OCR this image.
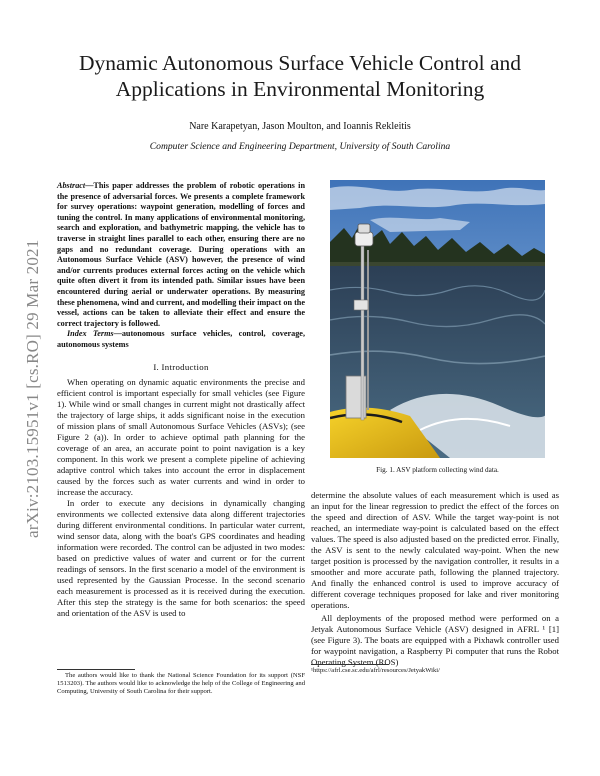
Dynamic Autonomous Surface Vehicle Control and Applications in Environmental Monitoring
Nare Karapetyan, Jason Moulton, and Ioannis Rekleitis
Computer Science and Engineering Department, University of South Carolina
arXiv:2103.15951v1 [cs.RO] 29 Mar 2021
Abstract—This paper addresses the problem of robotic operations in the presence of adversarial forces. We presents a complete framework for survey operations: waypoint generation, modelling of forces and tuning the control. In many applications of environmental monitoring, search and exploration, and bathymetric mapping, the vehicle has to traverse in straight lines parallel to each other, ensuring there are no gaps and no redundant coverage. During operations with an Autonomous Surface Vehicle (ASV) however, the presence of wind and/or currents produces external forces acting on the vehicle which quite often divert it from its intended path. Similar issues have been encountered during aerial or underwater operations. By measuring these phenomena, wind and current, and modelling their impact on the vessel, actions can be taken to alleviate their effect and ensure the correct trajectory is followed.
Index Terms—autonomous surface vehicles, control, coverage, autonomous systems
I. Introduction

When operating on dynamic aquatic environments the precise and efficient control is important especially for small vehicles (see Figure 1). While wind or small changes in current might not drastically affect the trajectory of large ships, it adds significant noise in the execution of mission plans of small Autonomous Surface Vehicles (ASVs); (see Figure 2 (a)). In order to achieve optimal path planning for the coverage of an area, an accurate point to point navigation is a key component. In this work we present a complete pipeline of achieving adaptive control which takes into account the error in displacement caused by the forces such as water currents and wind in order to increase the accuracy.

In order to execute any decisions in dynamically changing environments we collected extensive data along different trajectories during different environmental conditions. In particular water current, wind sensor data, along with the boat's GPS coordinates and heading information were recorded. The control can be adjusted in two modes: based on predictive values of water and current or for the current readings of sensors. In the first scenario a model of the environment is used represented by the Gaussian Processe. In the second scenario each measurement is processed as it is received during the execution. After this step the strategy is the same for both scenarios: the speed and orientation of the ASV is used to

The authors would like to thank the National Science Foundation for its support (NSF 1513203). The authors would like to acknowledge the help of the College of Engineering and Computing, University of South Carolina for their support.
Fig. 1. ASV platform collecting wind data.

determine the absolute values of each measurement which is used as an input for the linear regression to predict the effect of the forces on the speed and direction of ASV. While the target way-point is not reached, an intermediate way-point is calculated based on the effect values. The speed is also adjusted based on the predicted error. Finally, the ASV is sent to the newly calculated way-point. When the new target position is processed by the navigation controller, it results in a smoother and more accurate path, following the planned trajectory. And finally the enhanced control is used to improve accuracy of different coverage techniques proposed for lake and river monitoring operations.

All deployments of the proposed method were performed on a Jetyak Autonomous Surface Vehicle (ASV) designed in AFRL ¹ [1] (see Figure 3). The boats are equipped with a Pixhawk controller used for waypoint navigation, a Raspberry Pi computer that runs the Robot Operating System (ROS)

¹https://afrl.cse.sc.edu/afrl/resources/JetyakWiki/
